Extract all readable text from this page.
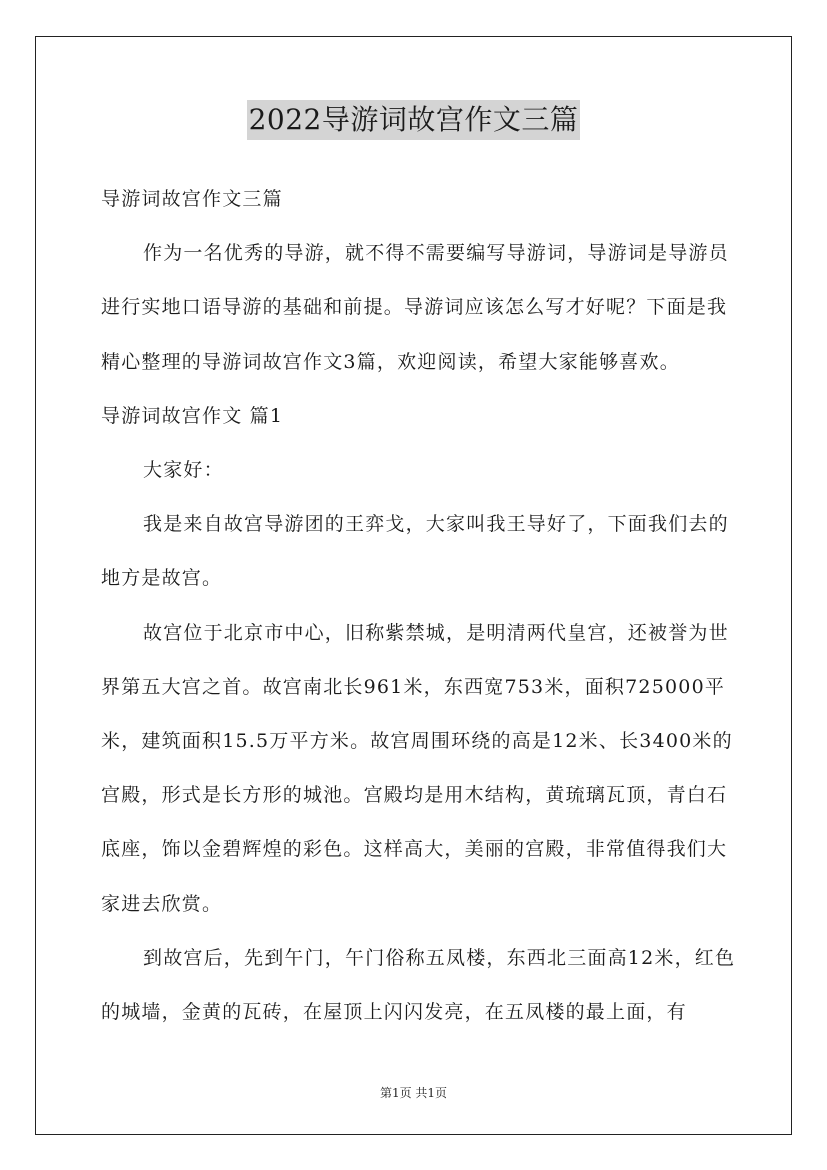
2022导游词故宫作文三篇

导游词故宫作文三篇

作为一名优秀的导游，就不得不需要编写导游词，导游词是导游员进行实地口语导游的基础和前提。导游词应该怎么写才好呢？下面是我精心整理的导游词故宫作文3篇，欢迎阅读，希望大家能够喜欢。

导游词故宫作文 篇1

大家好：

我是来自故宫导游团的王弈戈，大家叫我王导好了，下面我们去的地方是故宫。

故宫位于北京市中心，旧称紫禁城，是明清两代皇宫，还被誉为世界第五大宫之首。故宫南北长961米，东西宽753米，面积725000平米，建筑面积15.5万平方米。故宫周围环绕的高是12米、长3400米的宫殿，形式是长方形的城池。宫殿均是用木结构，黄琉璃瓦顶，青白石底座，饰以金碧辉煌的彩色。这样高大，美丽的宫殿，非常值得我们大家进去欣赏。

到故宫后，先到午门，午门俗称五凤楼，东西北三面高12米，红色的城墙，金黄的瓦砖，在屋顶上闪闪发亮，在五凤楼的最上面，有

第1页 共1页
